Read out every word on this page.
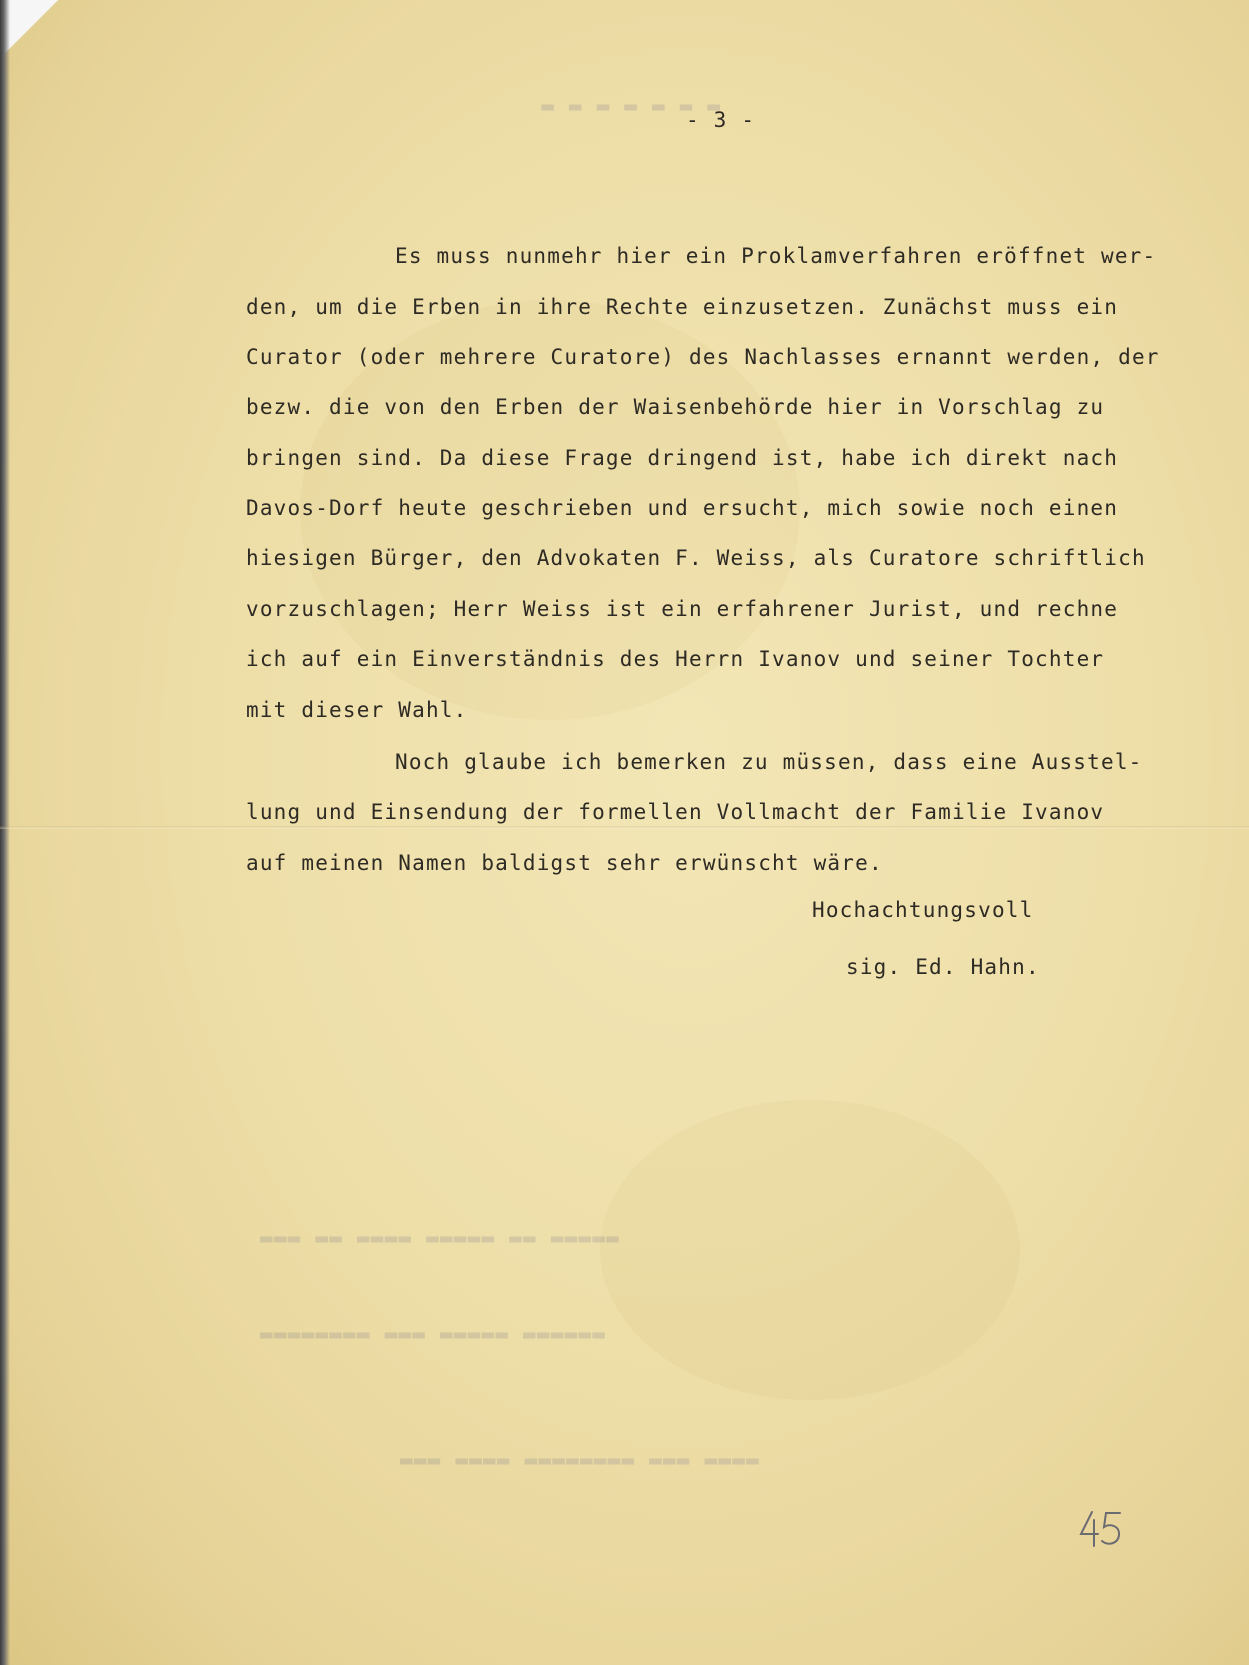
▬ ▬ ▬ ▬ ▬ ▬ ▬
▬▬▬ ▬▬ ▬▬▬▬ ▬▬▬▬▬ ▬▬ ▬▬▬▬▬
▬▬▬▬▬▬▬▬ ▬▬▬ ▬▬▬▬▬ ▬▬▬▬▬▬
▬▬▬ ▬▬▬▬ ▬▬▬▬▬▬▬▬ ▬▬▬ ▬▬▬▬
- 3 -
Es muss nunmehr hier ein Proklamverfahren eröffnet wer-
den, um die Erben in ihre Rechte einzusetzen. Zunächst muss ein
Curator (oder mehrere Curatore) des Nachlasses ernannt werden, der
bezw. die von den Erben der Waisenbehörde hier in Vorschlag zu
bringen sind. Da diese Frage dringend ist, habe ich direkt nach
Davos-Dorf heute geschrieben und ersucht, mich sowie noch einen
hiesigen Bürger, den Advokaten F. Weiss, als Curatore schriftlich
vorzuschlagen; Herr Weiss ist ein erfahrener Jurist, und rechne
ich auf ein Einverständnis des Herrn Ivanov und seiner Tochter
mit dieser Wahl.
Noch glaube ich bemerken zu müssen, dass eine Ausstel-
lung und Einsendung der formellen Vollmacht der Familie Ivanov
auf meinen Namen baldigst sehr erwünscht wäre.
Hochachtungsvoll
sig. Ed. Hahn.
